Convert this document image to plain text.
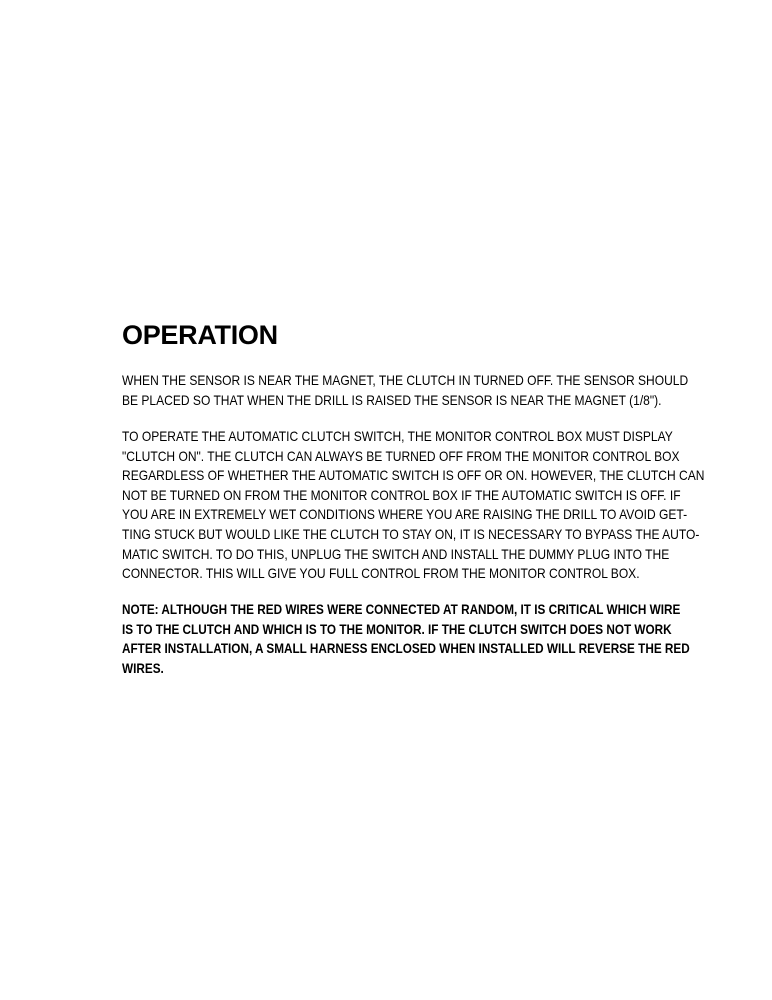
OPERATION
WHEN THE SENSOR IS NEAR THE MAGNET, THE CLUTCH IN TURNED OFF. THE SENSOR SHOULD
BE PLACED SO THAT WHEN THE DRILL IS RAISED THE SENSOR IS NEAR THE MAGNET (1/8").
TO OPERATE THE AUTOMATIC CLUTCH SWITCH, THE MONITOR CONTROL BOX MUST DISPLAY
"CLUTCH ON". THE CLUTCH CAN ALWAYS BE TURNED OFF FROM THE MONITOR CONTROL BOX
REGARDLESS OF WHETHER THE AUTOMATIC SWITCH IS OFF OR ON. HOWEVER, THE CLUTCH CAN
NOT BE TURNED ON FROM THE MONITOR CONTROL BOX IF THE AUTOMATIC SWITCH IS OFF. IF
YOU ARE IN EXTREMELY WET CONDITIONS WHERE YOU ARE RAISING THE DRILL TO AVOID GET-
TING STUCK BUT WOULD LIKE THE CLUTCH TO STAY ON, IT IS NECESSARY TO BYPASS THE AUTO-
MATIC SWITCH. TO DO THIS, UNPLUG THE SWITCH AND INSTALL THE DUMMY PLUG INTO THE
CONNECTOR. THIS WILL GIVE YOU FULL CONTROL FROM THE MONITOR CONTROL BOX.
NOTE: ALTHOUGH THE RED WIRES WERE CONNECTED AT RANDOM, IT IS CRITICAL WHICH WIRE
IS TO THE CLUTCH AND WHICH IS TO THE MONITOR. IF THE CLUTCH SWITCH DOES NOT WORK
AFTER INSTALLATION, A SMALL HARNESS ENCLOSED WHEN INSTALLED WILL REVERSE THE RED
WIRES.
